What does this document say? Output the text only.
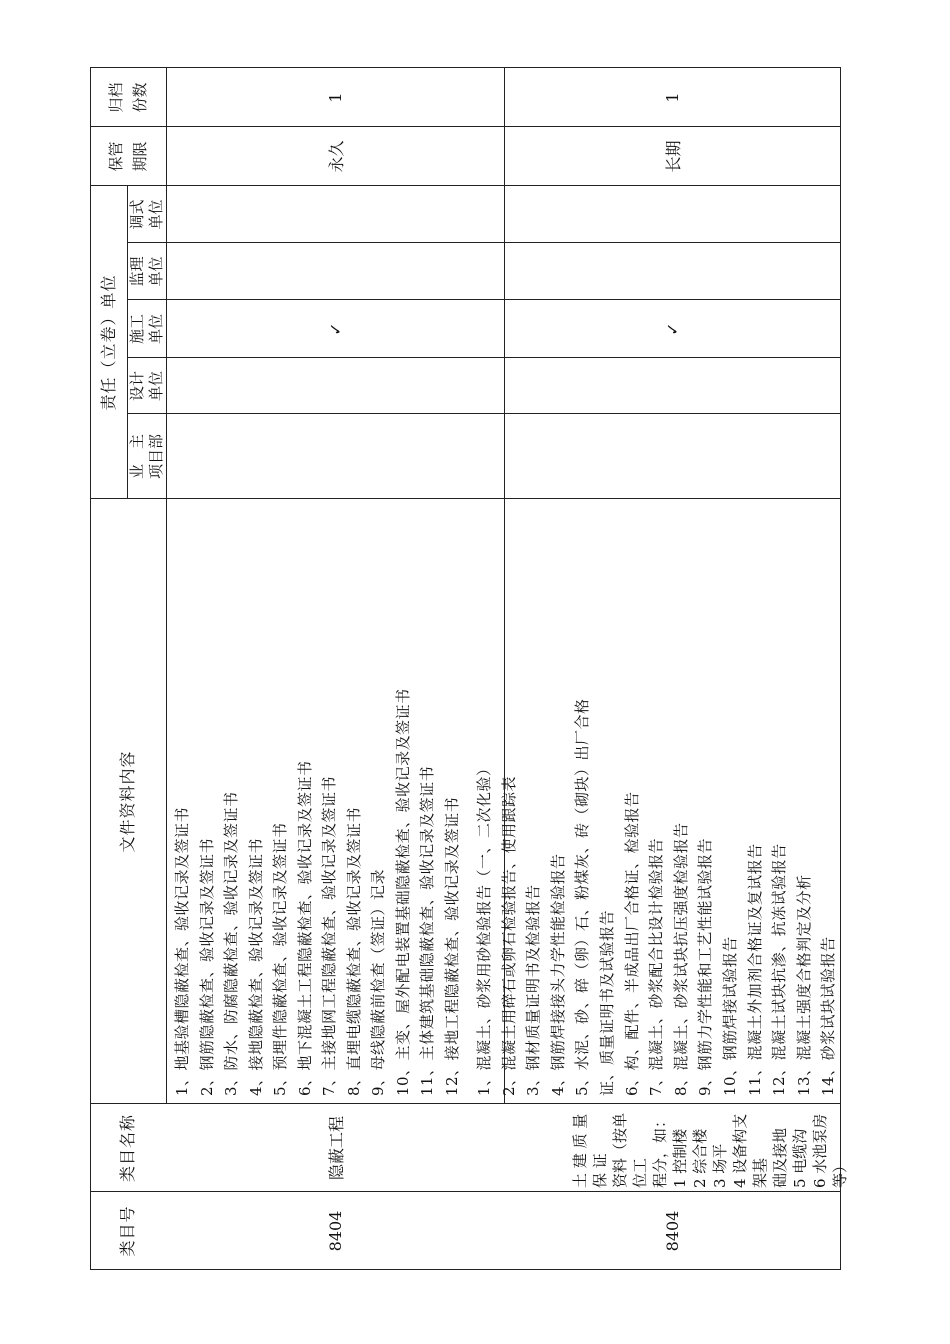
类目号
类目名称
文件资料内容
责任（立卷）单位
业　主 项目部
设计 单位
施工 单位
监理 单位
调式 单位
保管 期限
归档 份数
8404
隐蔽工程
1、地基验槽隐蔽检查、验收记录及签证书 2、钢筋隐蔽检查、验收记录及签证书 3、防水、防腐隐蔽检查、验收记录及签证书 4、接地隐蔽检查、验收记录及签证书 5、预埋件隐蔽检查、验收记录及签证书 6、地下混凝土工程隐蔽检查、验收记录及签证书 7、主接地网工程隐蔽检查、验收记录及签证书 8、直埋电缆隐蔽检查、验收记录及签证书 9、母线隐蔽前检查（签证）记录 10、主变、屋外配电装置基础隐蔽检查、验收记录及签证书 11、主体建筑基础隐蔽检查、验收记录及签证书 12、接地工程隐蔽检查、验收记录及签证书
✓
永久
1
8404
土 建 质 量 保 证 资料（按单位工 程分，如： 1 控制楼 2 综合楼 3 场平 4 设备构支架基 础及接地 5 电缆沟 6 水池泵房等）
1、混凝土、砂浆用砂检验报告（一、二次化验） 2、混凝土用碎石或卵石检验报告、使用跟踪表 3、钢材质量证明书及检验报告 4、钢筋焊接接头力学性能检验报告 5、水泥、砂、碎（卵）石、粉煤灰、砖（砌块）出厂合格 证、质量证明书及试验报告 6、构、配件、半成品出厂合格证、检验报告 7、混凝土、砂浆配合比设计检验报告 8、混凝土、砂浆试块抗压强度检验报告 9、钢筋力学性能和工艺性能试验报告 10、钢筋焊接试验报告 11、混凝土外加剂合格证及复试报告 12、混凝土试块抗渗、抗冻试验报告 13、混凝土强度合格判定及分析 14、砂浆试块试验报告
✓
长期
1
